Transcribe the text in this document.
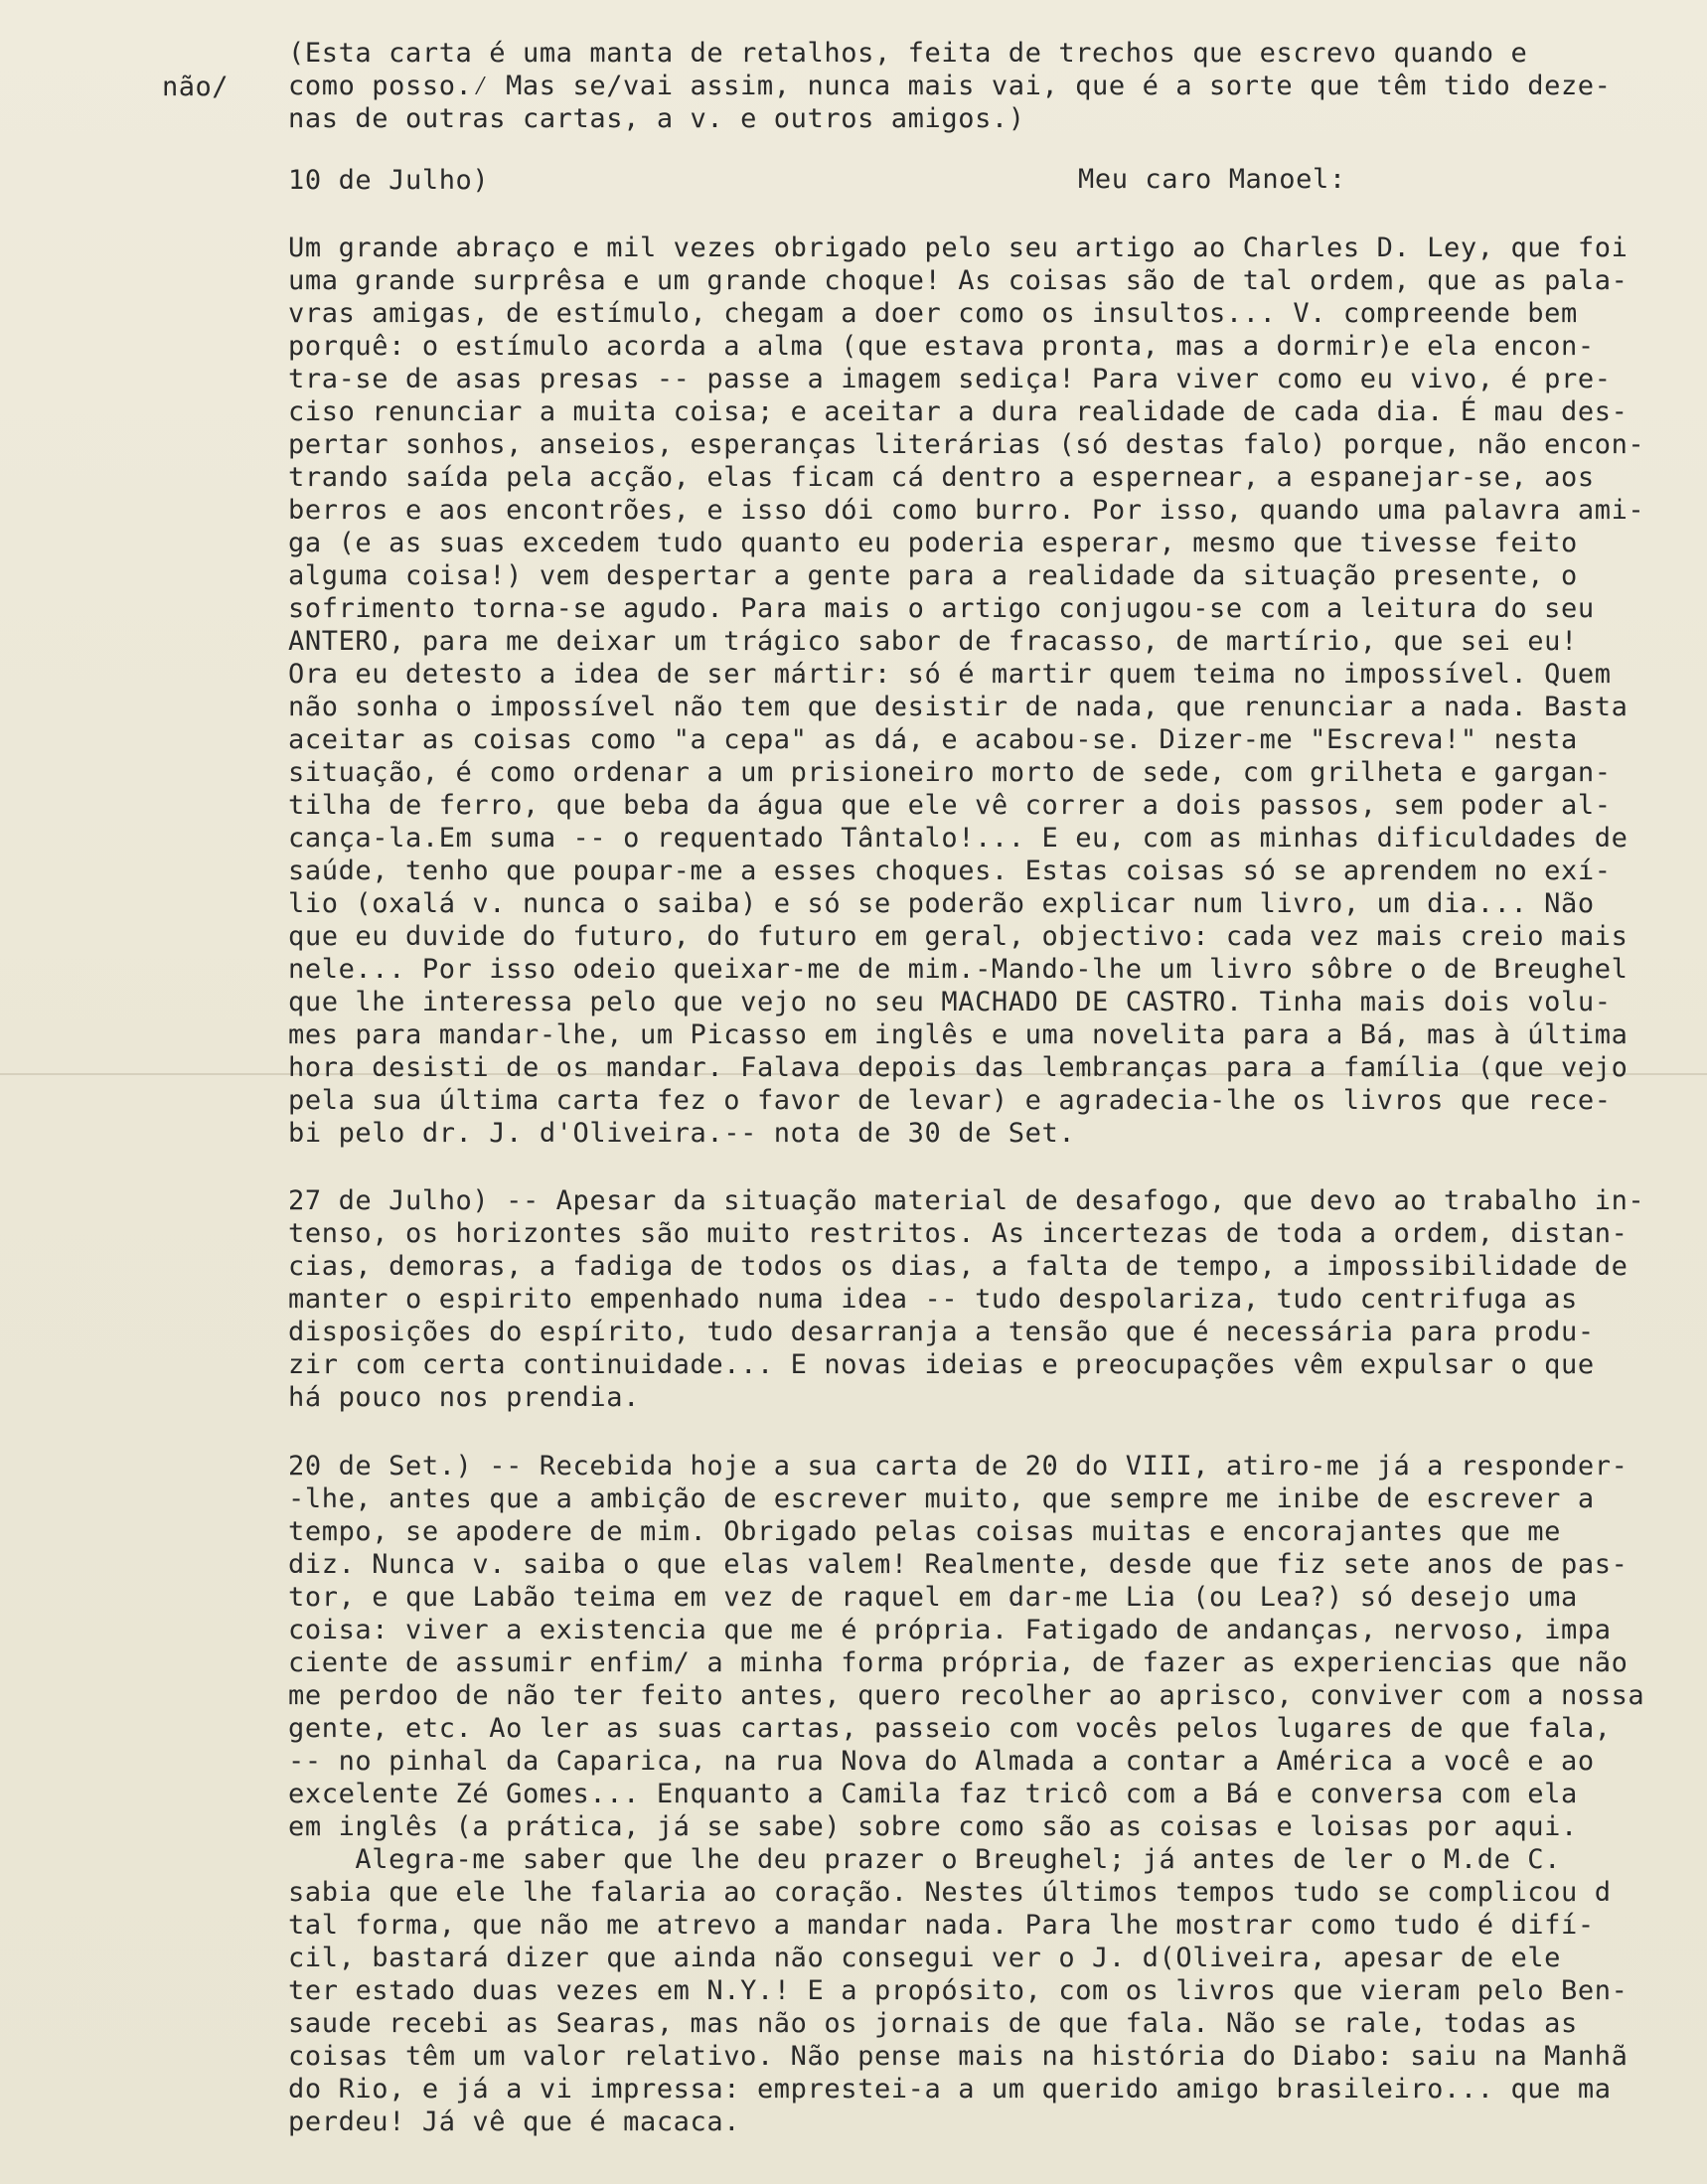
não/
Meu caro Manoel:
(Esta carta é uma manta de retalhos, feita de trechos que escrevo quando e
como posso.⁄ Mas se/vai assim, nunca mais vai, que é a sorte que têm tido deze-
nas de outras cartas, a v. e outros amigos.)
10 de Julho)
Um grande abraço e mil vezes obrigado pelo seu artigo ao Charles D. Ley, que foi
uma grande surprêsa e um grande choque! As coisas são de tal ordem, que as pala-
vras amigas, de estímulo, chegam a doer como os insultos... V. compreende bem
porquê: o estímulo acorda a alma (que estava pronta, mas a dormir)e ela encon-
tra-se de asas presas -- passe a imagem sediça! Para viver como eu vivo, é pre-
ciso renunciar a muita coisa; e aceitar a dura realidade de cada dia. É mau des-
pertar sonhos, anseios, esperanças literárias (só destas falo) porque, não encon-
trando saída pela acção, elas ficam cá dentro a espernear, a espanejar-se, aos
berros e aos encontrões, e isso dói como burro. Por isso, quando uma palavra ami-
ga (e as suas excedem tudo quanto eu poderia esperar, mesmo que tivesse feito
alguma coisa!) vem despertar a gente para a realidade da situação presente, o
sofrimento torna-se agudo. Para mais o artigo conjugou-se com a leitura do seu
ANTERO, para me deixar um trágico sabor de fracasso, de martírio, que sei eu!
Ora eu detesto a idea de ser mártir: só é martir quem teima no impossível. Quem
não sonha o impossível não tem que desistir de nada, que renunciar a nada. Basta
aceitar as coisas como "a cepa" as dá, e acabou-se. Dizer-me "Escreva!" nesta
situação, é como ordenar a um prisioneiro morto de sede, com grilheta e gargan-
tilha de ferro, que beba da água que ele vê correr a dois passos, sem poder al-
cança-la.Em suma -- o requentado Tântalo!... E eu, com as minhas dificuldades de
saúde, tenho que poupar-me a esses choques. Estas coisas só se aprendem no exí-
lio (oxalá v. nunca o saiba) e só se poderão explicar num livro, um dia... Não
que eu duvide do futuro, do futuro em geral, objectivo: cada vez mais creio mais
nele... Por isso odeio queixar-me de mim.-Mando-lhe um livro sôbre o de Breughel
que lhe interessa pelo que vejo no seu MACHADO DE CASTRO. Tinha mais dois volu-
mes para mandar-lhe, um Picasso em inglês e uma novelita para a Bá, mas à última
hora desisti de os mandar. Falava depois das lembranças para a família (que vejo
pela sua última carta fez o favor de levar) e agradecia-lhe os livros que rece-
bi pelo dr. J. d'Oliveira.-- nota de 30 de Set.
27 de Julho) -- Apesar da situação material de desafogo, que devo ao trabalho in-
tenso, os horizontes são muito restritos. As incertezas de toda a ordem, distan-
cias, demoras, a fadiga de todos os dias, a falta de tempo, a impossibilidade de
manter o espirito empenhado numa idea -- tudo despolariza, tudo centrifuga as
disposições do espírito, tudo desarranja a tensão que é necessária para produ-
zir com certa continuidade... E novas ideias e preocupações vêm expulsar o que
há pouco nos prendia.
20 de Set.) -- Recebida hoje a sua carta de 20 do VIII, atiro-me já a responder-
-lhe, antes que a ambição de escrever muito, que sempre me inibe de escrever a
tempo, se apodere de mim. Obrigado pelas coisas muitas e encorajantes que me
diz. Nunca v. saiba o que elas valem! Realmente, desde que fiz sete anos de pas-
tor, e que Labão teima em vez de raquel em dar-me Lia (ou Lea?) só desejo uma
coisa: viver a existencia que me é própria. Fatigado de andanças, nervoso, impa
ciente de assumir enfim/ a minha forma própria, de fazer as experiencias que não
me perdoo de não ter feito antes, quero recolher ao aprisco, conviver com a nossa
gente, etc. Ao ler as suas cartas, passeio com vocês pelos lugares de que fala,
-- no pinhal da Caparica, na rua Nova do Almada a contar a América a você e ao
excelente Zé Gomes... Enquanto a Camila faz tricô com a Bá e conversa com ela
em inglês (a prática, já se sabe) sobre como são as coisas e loisas por aqui.
Alegra-me saber que lhe deu prazer o Breughel; já antes de ler o M.de C.
sabia que ele lhe falaria ao coração. Nestes últimos tempos tudo se complicou d
tal forma, que não me atrevo a mandar nada. Para lhe mostrar como tudo é difí-
cil, bastará dizer que ainda não consegui ver o J. d(Oliveira, apesar de ele
ter estado duas vezes em N.Y.! E a propósito, com os livros que vieram pelo Ben-
saude recebi as Searas, mas não os jornais de que fala. Não se rale, todas as
coisas têm um valor relativo. Não pense mais na história do Diabo: saiu na Manhã
do Rio, e já a vi impressa: emprestei-a a um querido amigo brasileiro... que ma
perdeu! Já vê que é macaca.
